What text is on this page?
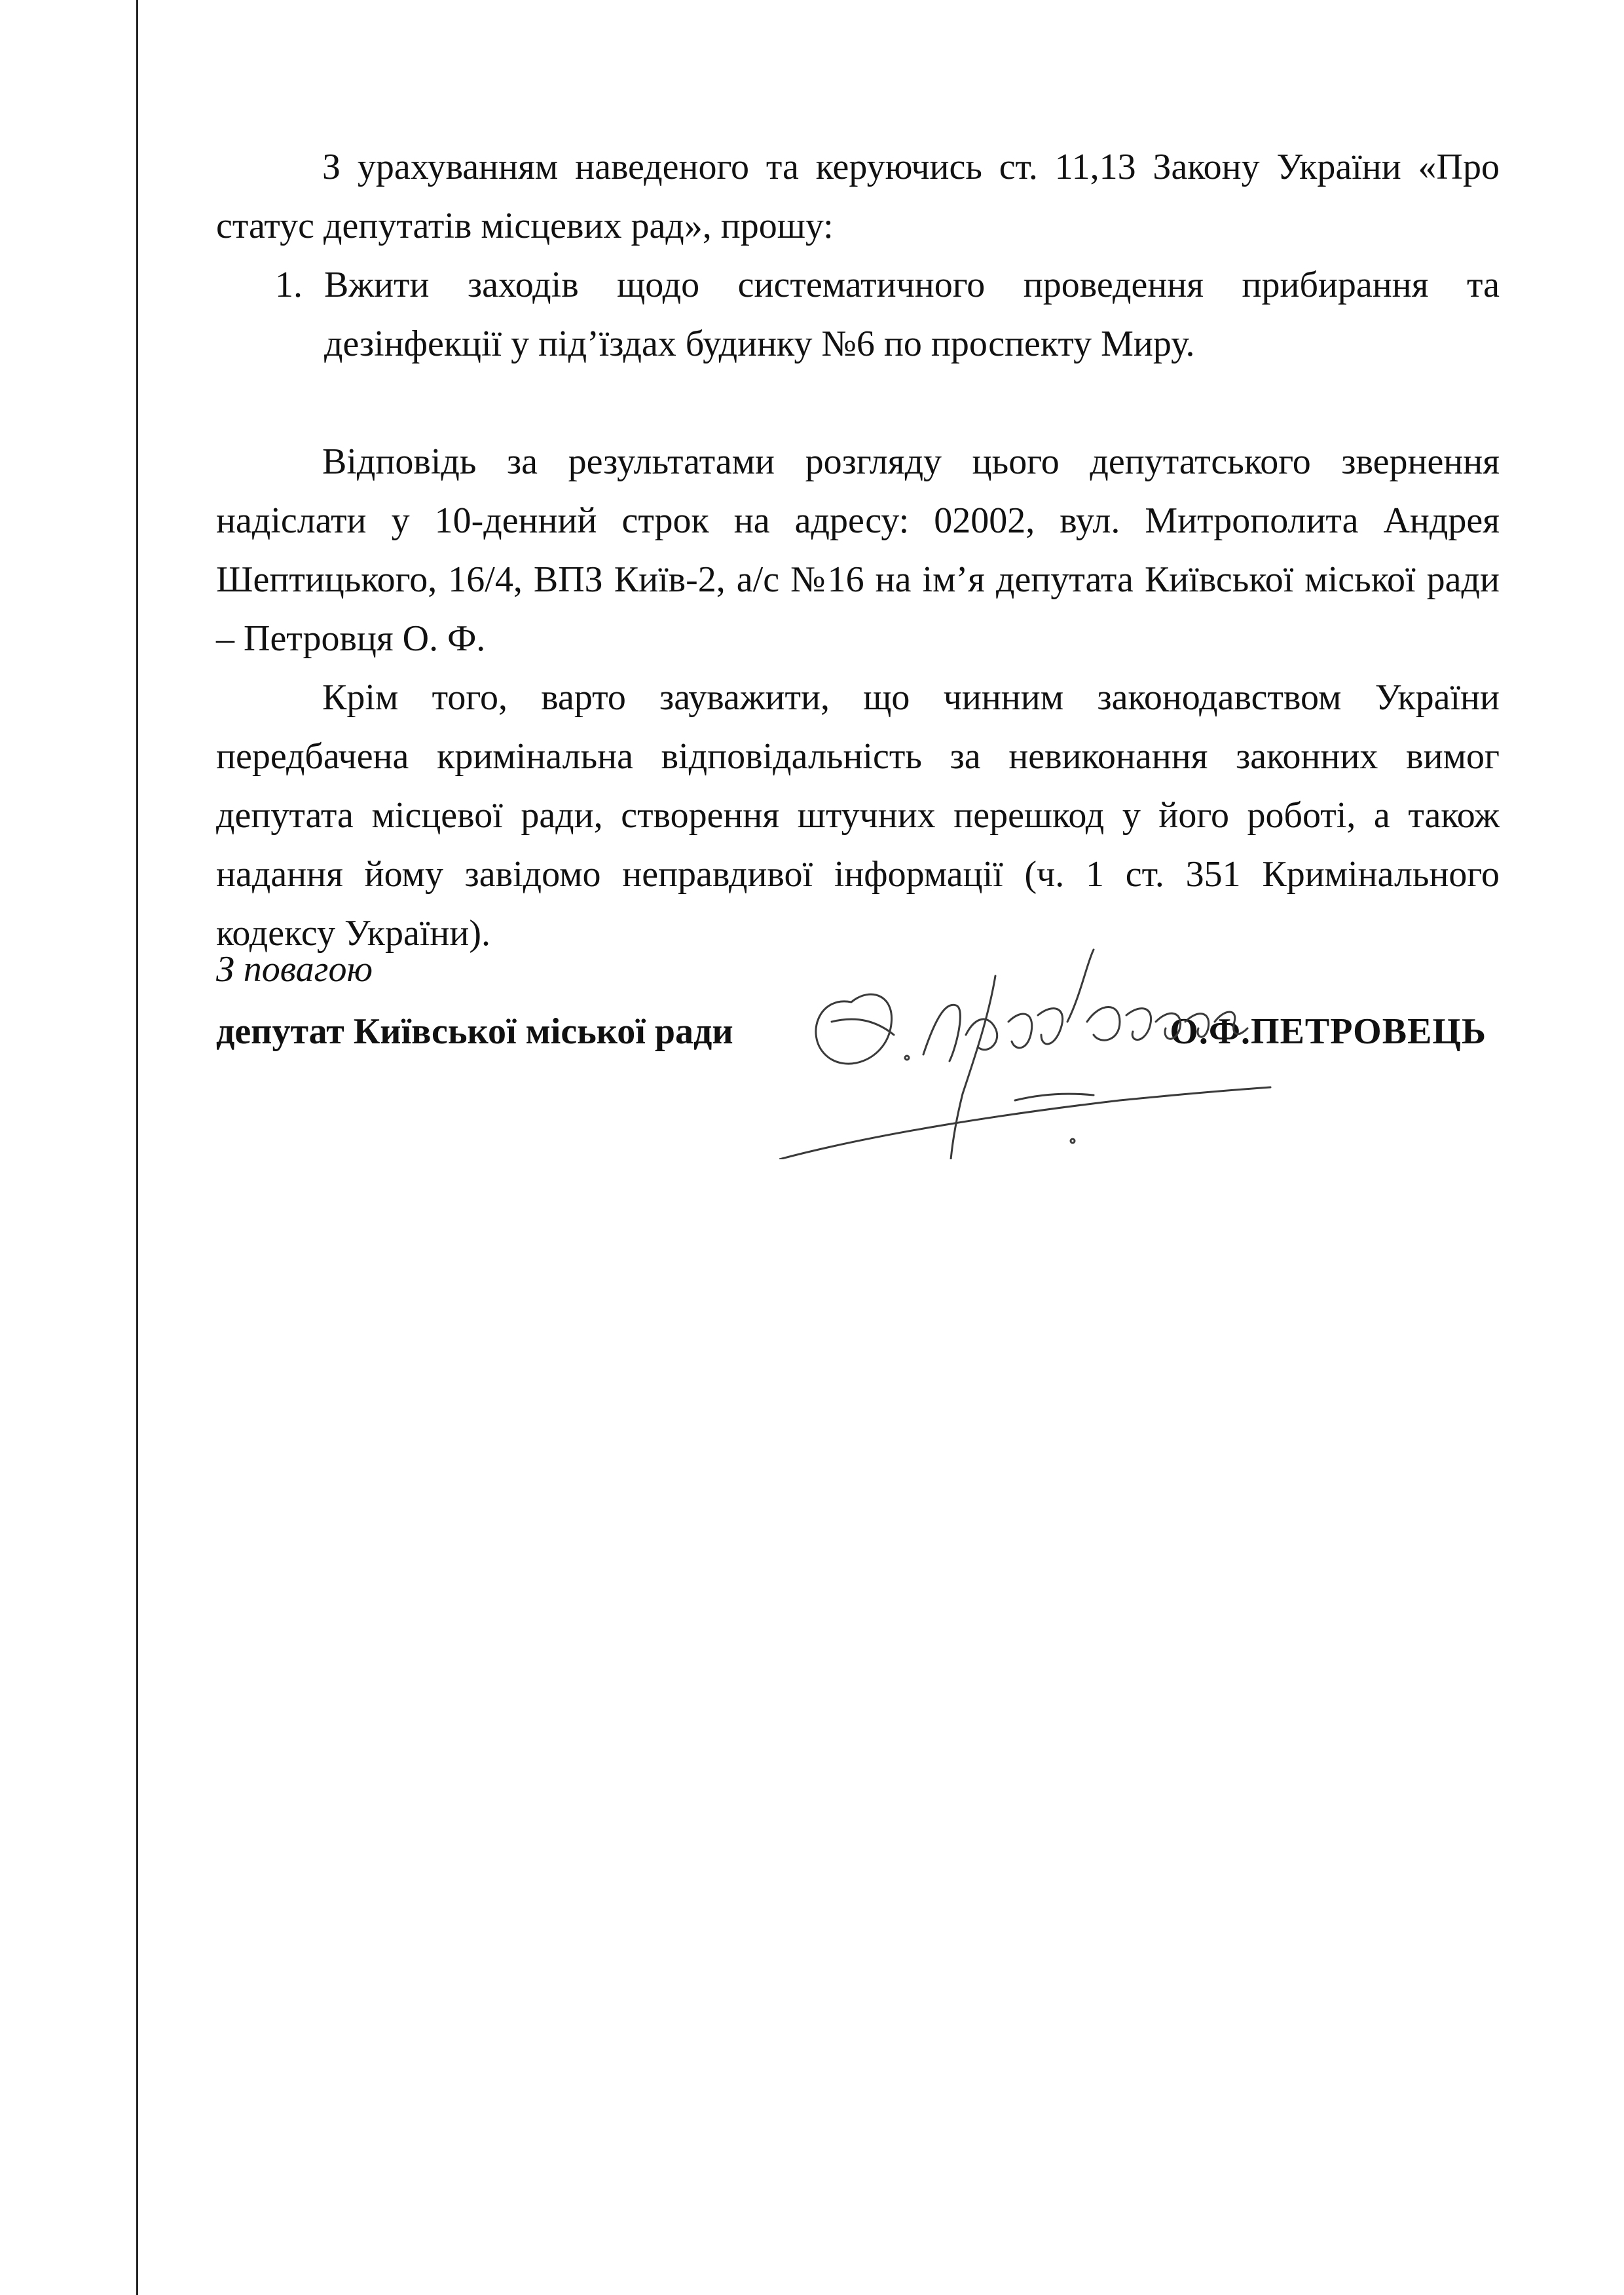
З урахуванням наведеного та керуючись ст. 11,13 Закону України «Про статус депутатів місцевих рад», прошу:

1. Вжити заходів щодо систематичного проведення прибирання та дезінфекції у під’їздах будинку №6 по проспекту Миру.

Відповідь за результатами розгляду цього депутатського звернення надіслати у 10-денний строк на адресу: 02002, вул. Митрополита Андрея Шептицького, 16/4, ВПЗ Київ-2, а/с №16 на ім’я депутата Київської міської ради – Петровця О. Ф.

Крім того, варто зауважити, що чинним законодавством України передбачена кримінальна відповідальність за невиконання законних вимог депутата місцевої ради, створення штучних перешкод у його роботі, а також надання йому завідомо неправдивої інформації (ч. 1 ст. 351 Кримінального кодексу України).

З повагою

депутат Київської міської ради	О.Ф.ПЕТРОВЕЦЬ
